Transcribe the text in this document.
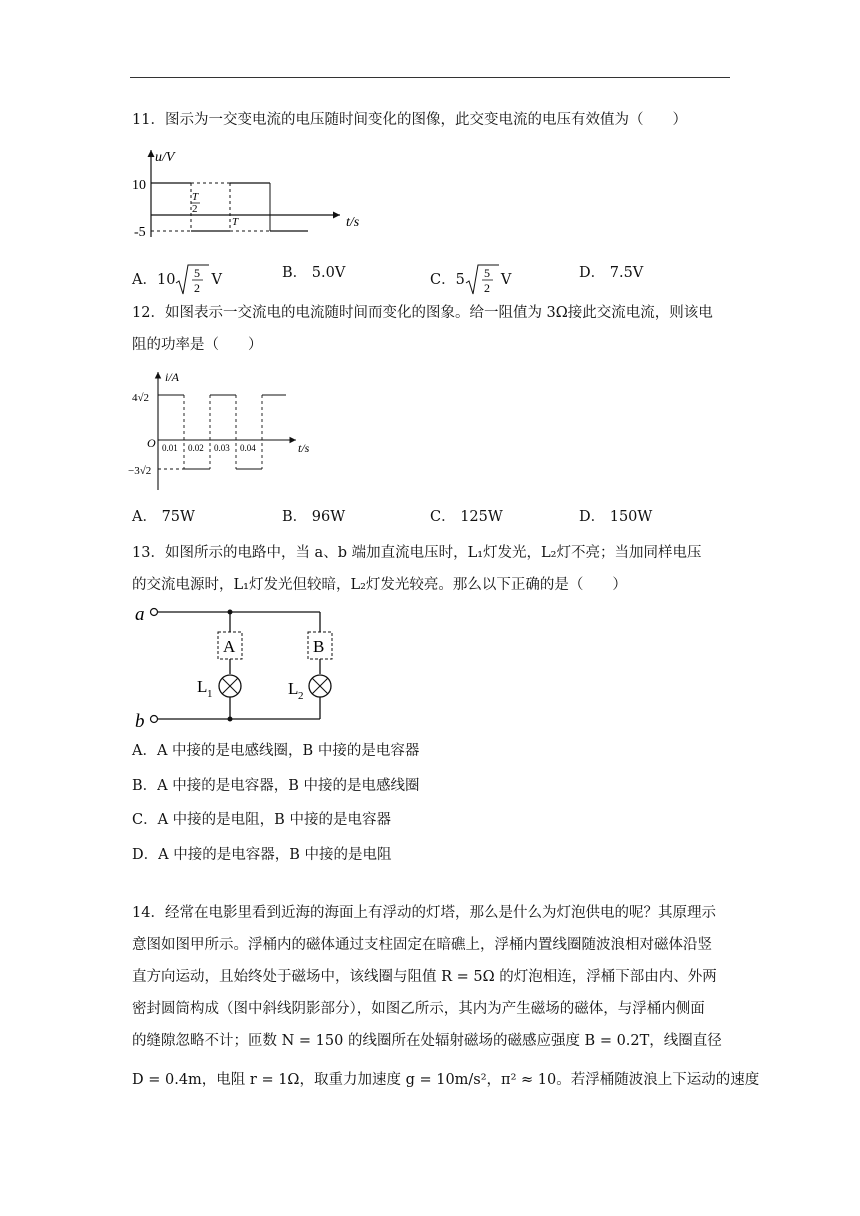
11．图示为一交变电流的电压随时间变化的图像，此交变电流的电压有效值为（　　）
u/V
t/s
10
-5
T
2
T
A．10 5
2 V	B． 5.0V	C．5 5
2 V	D． 7.5V
12．如图表示一交流电的电流随时间而变化的图象。给一阻值为 3Ω接此交流电流，则该电
阻的功率是（　　）
i/A
t/s
O
4√2
−3√2
0.01 0.02 0.03 0.04
A． 75W	B． 96W	C． 125W	D． 150W
13．如图所示的电路中，当 a、b 端加直流电压时，L₁灯发光，L₂灯不亮；当加同样电压
的交流电源时，L₁灯发光但较暗，L₂灯发光较亮。那么以下正确的是（　　）
a
b
A
L 1
B
L 2
A．A 中接的是电感线圈，B 中接的是电容器
B．A 中接的是电容器，B 中接的是电感线圈
C．A 中接的是电阻，B 中接的是电容器
D．A 中接的是电容器，B 中接的是电阻
14．经常在电影里看到近海的海面上有浮动的灯塔，那么是什么为灯泡供电的呢？其原理示
意图如图甲所示。浮桶内的磁体通过支柱固定在暗礁上，浮桶内置线圈随波浪相对磁体沿竖
直方向运动，且始终处于磁场中，该线圈与阻值 R = 5Ω 的灯泡相连，浮桶下部由内、外两
密封圆筒构成（图中斜线阴影部分），如图乙所示，其内为产生磁场的磁体，与浮桶内侧面
的缝隙忽略不计；匝数 N = 150 的线圈所在处辐射磁场的磁感应强度 B = 0.2T，线圈直径
D = 0.4m，电阻 r = 1Ω，取重力加速度 g = 10m/s²，π² ≈ 10。若浮桶随波浪上下运动的速度
